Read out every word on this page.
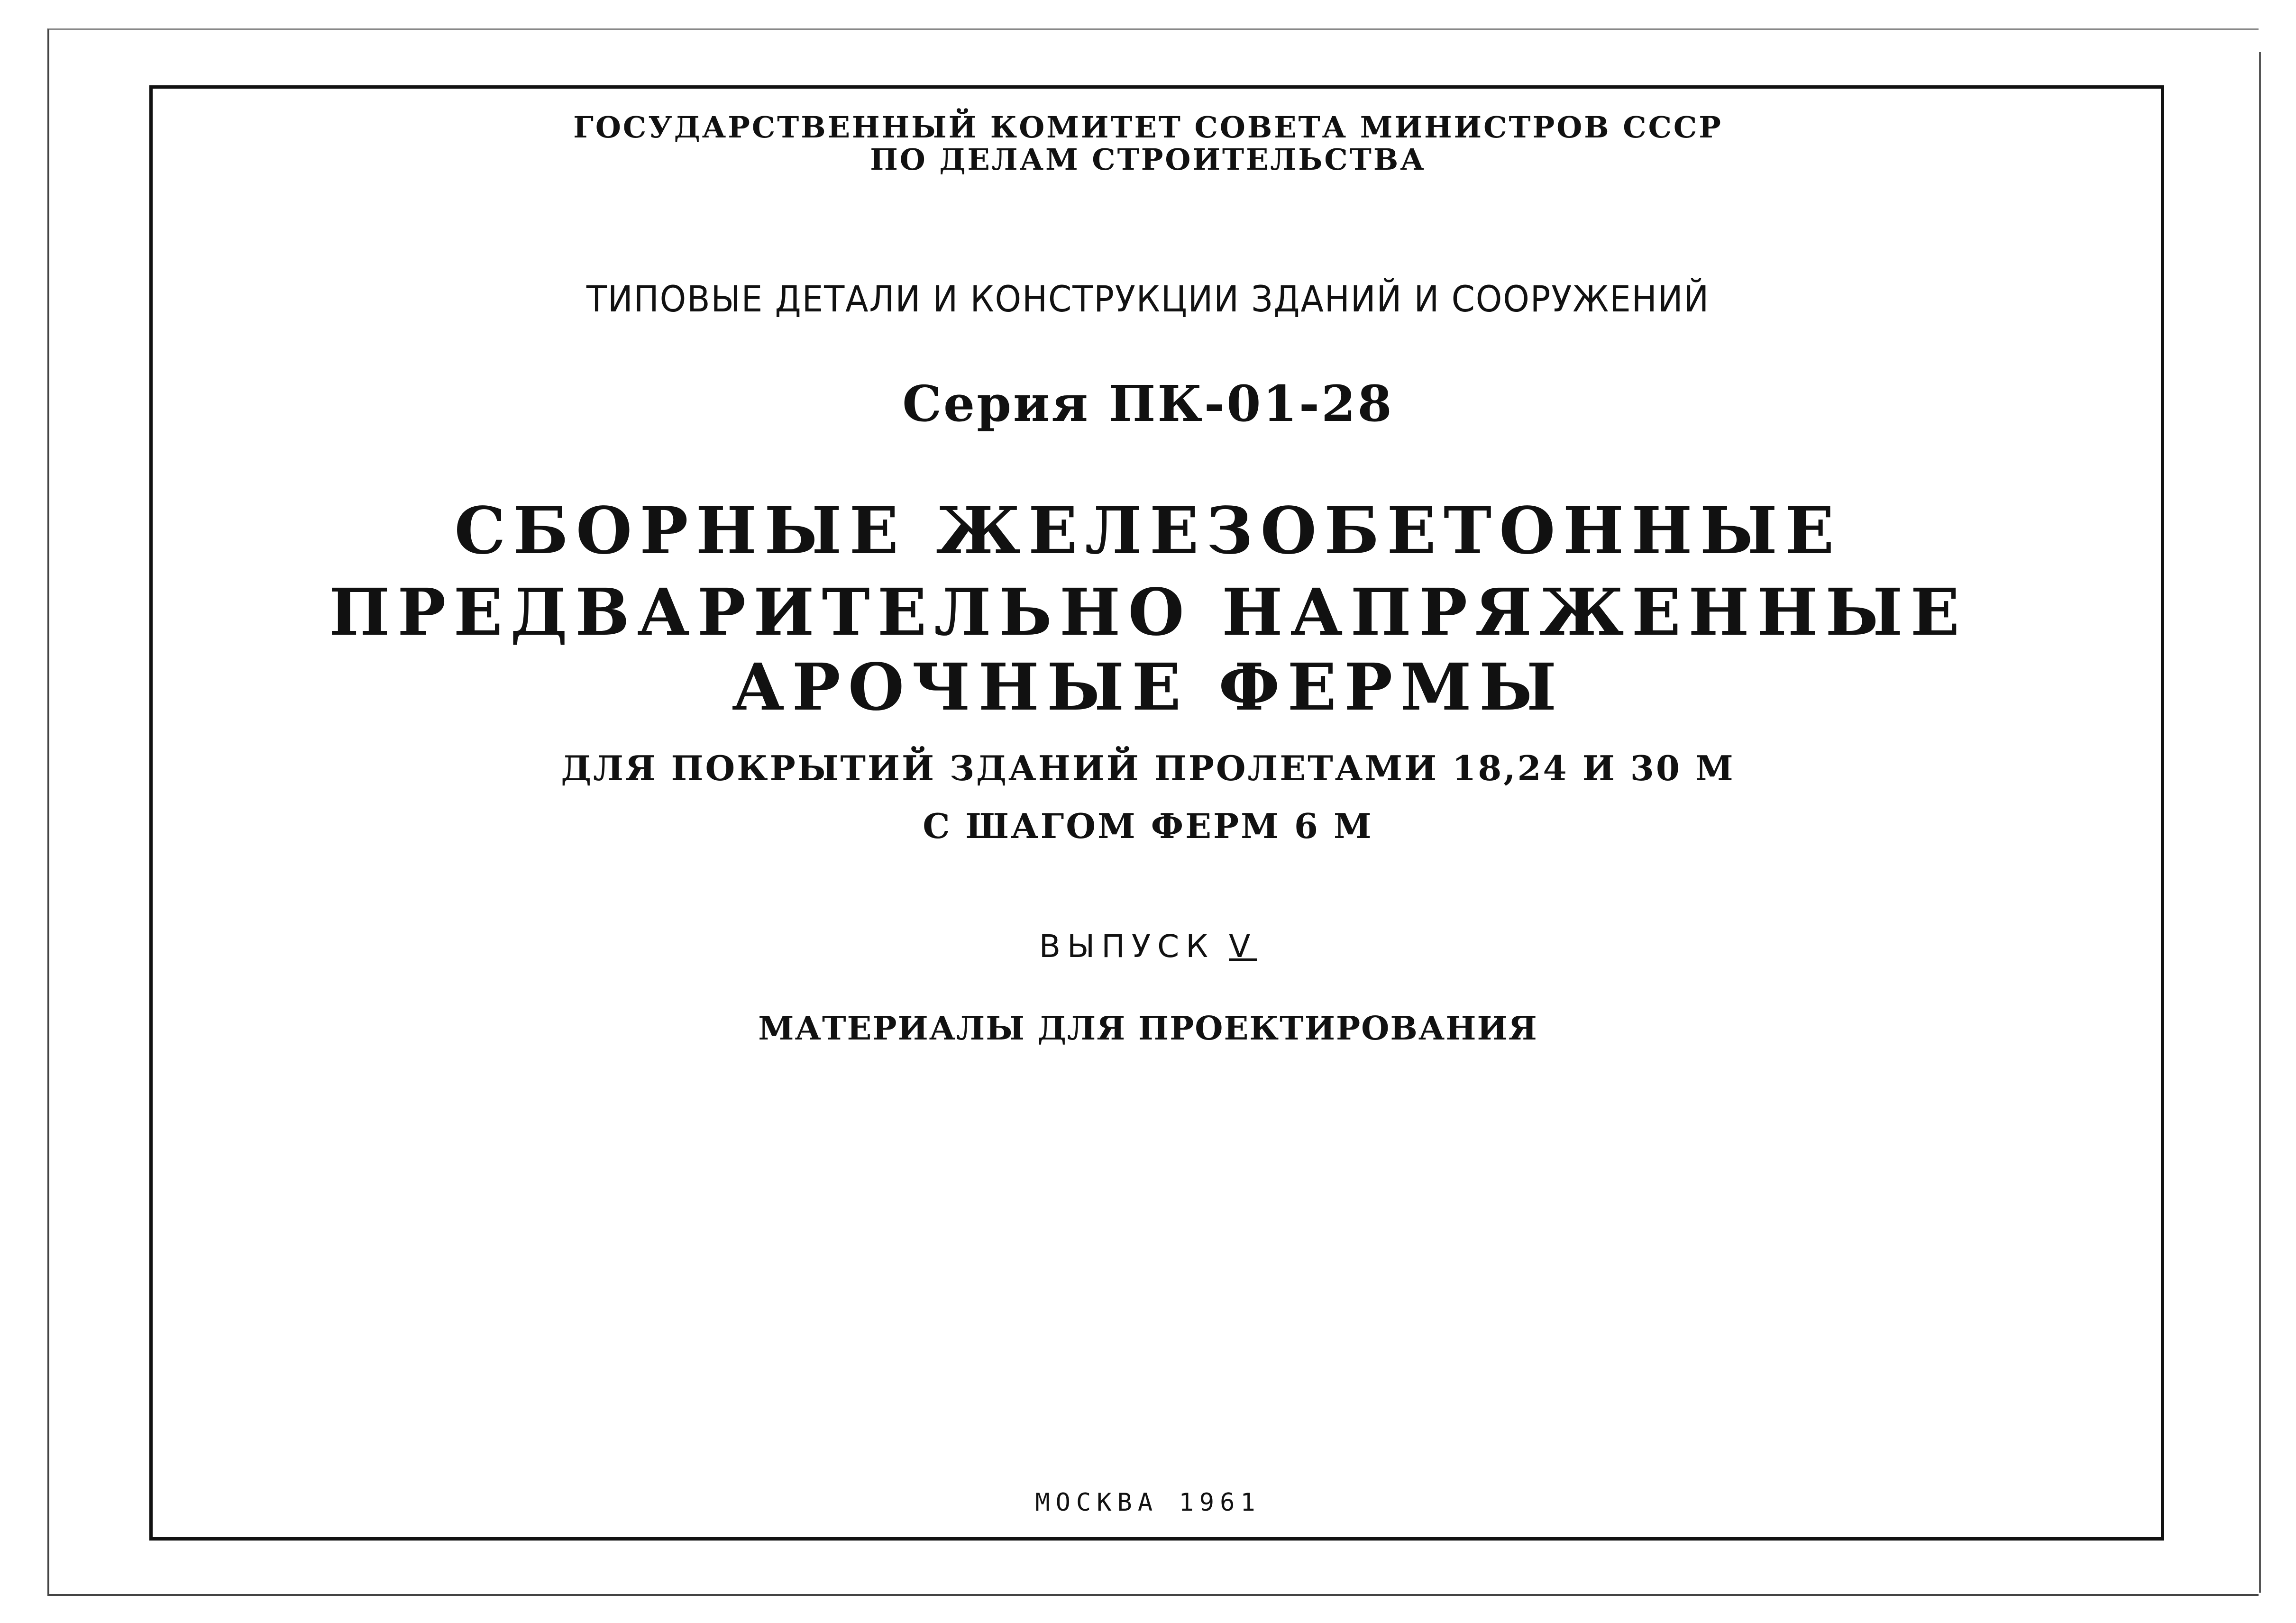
ГОСУДАРСТВЕННЫЙ КОМИТЕТ СОВЕТА МИНИСТРОВ СССР
ПО ДЕЛАМ СТРОИТЕЛЬСТВА
ТИПОВЫЕ ДЕТАЛИ И КОНСТРУКЦИИ ЗДАНИЙ И СООРУЖЕНИЙ
Серия ПК-01-28
СБОРНЫЕ ЖЕЛЕЗОБЕТОННЫЕ
ПРЕДВАРИТЕЛЬНО НАПРЯЖЕННЫЕ
АРОЧНЫЕ ФЕРМЫ
ДЛЯ ПОКРЫТИЙ ЗДАНИЙ ПРОЛЕТАМИ 18,24 И 30 М
С ШАГОМ ФЕРМ 6 М
ВЫПУСК V
МАТЕРИАЛЫ ДЛЯ ПРОЕКТИРОВАНИЯ
МОСКВА 1961
